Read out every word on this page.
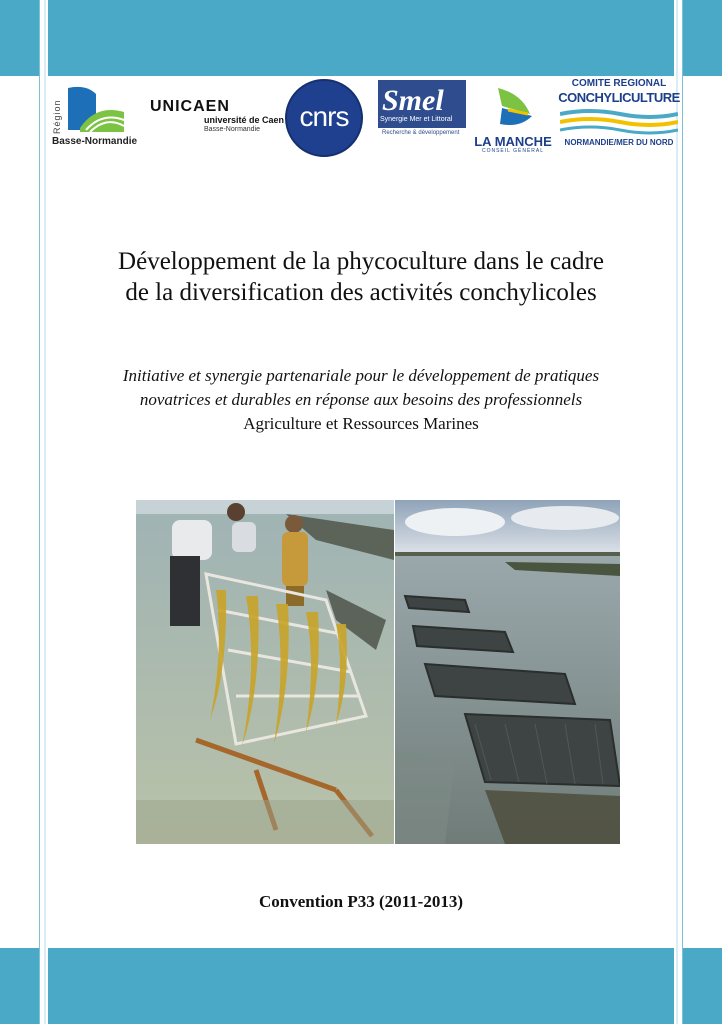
Région
Basse-Normandie
UNICAEN
université de Caen
Basse-Normandie	cnrs	Smel
Synergie Mer et Littoral
Recherche & développement
LA MANCHE
CONSEIL GÉNÉRAL
COMITE REGIONAL
CONCHYLICULTURE
NORMANDIE/MER DU NORD
Développement de la phycoculture dans le cadre
de la diversification des activités conchylicoles
Initiative et synergie partenariale pour le développement de pratiques
novatrices et durables en réponse aux besoins des professionnels
Agriculture et Ressources Marines
Convention P33 (2011-2013)
